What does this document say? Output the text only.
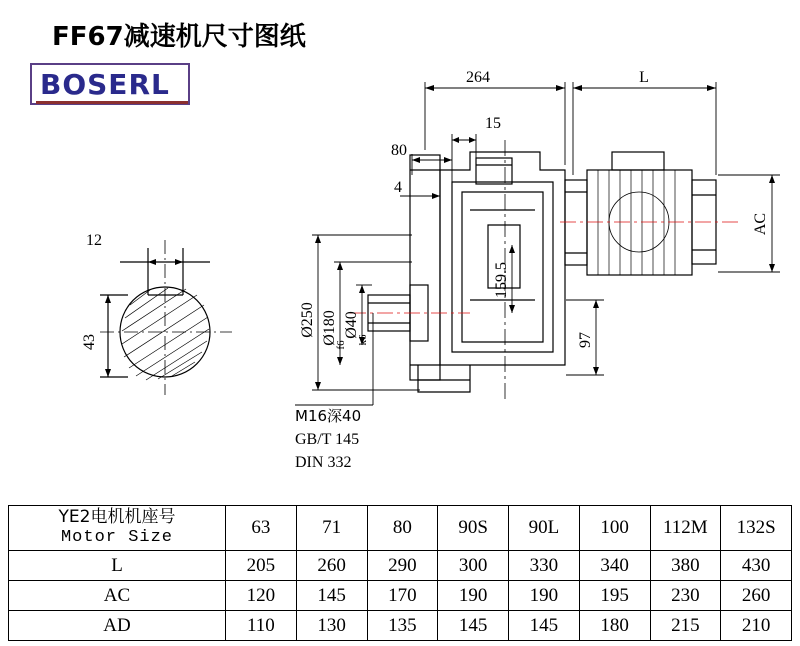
FF67减速机尺寸图纸
BOSERL	264	L
15
80
4
AC
159.5
97
Ø250 Ø180
f6
Ø40
k6
12
43
M16深40
GB/T 145
DIN 332
YE2电机机座号
Motor Size	63	71	80	90S	90L	100	112M	132S
L	205	260	290	300	330	340	380	430
AC	120	145	170	190	190	195	230	260
AD	110	130	135	145	145	180	215	210
